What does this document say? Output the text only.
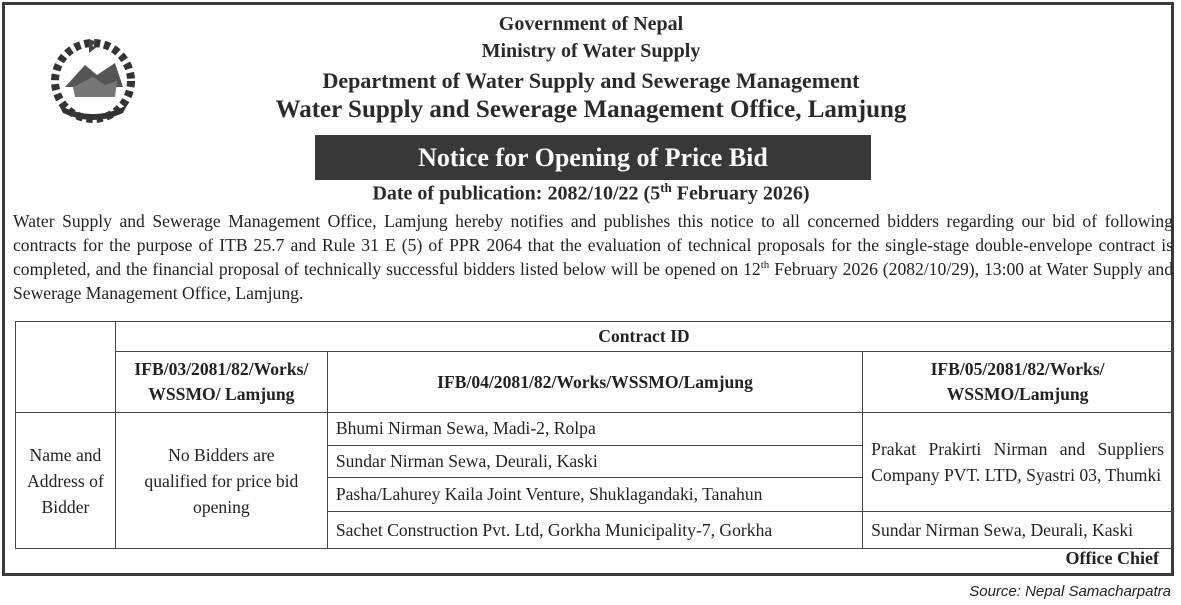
Government of Nepal
Ministry of Water Supply
Department of Water Supply and Sewerage Management
Water Supply and Sewerage Management Office, Lamjung
Notice for Opening of Price Bid
Date of publication: 2082/10/22 (5th February 2026)
Water Supply and Sewerage Management Office, Lamjung hereby notifies and publishes this notice to all concerned bidders regarding our bid of following contracts for the purpose of ITB 25.7 and Rule 31 E (5) of PPR 2064 that the evaluation of technical proposals for the single-stage double-envelope contract is completed, and the financial proposal of technically successful bidders listed below will be opened on 12th February 2026 (2082/10/29), 13:00 at Water Supply and Sewerage Management Office, Lamjung.
	Contract ID		
	IFB/03/2081/82/Works/ WSSMO/ Lamjung	IFB/04/2081/82/Works/WSSMO/Lamjung	IFB/05/2081/82/Works/ WSSMO/Lamjung
Name and Address of Bidder	No Bidders are qualified for price bid opening	Bhumi Nirman Sewa, Madi-2, Rolpa	Prakat Prakirti Nirman and Suppliers Company PVT. LTD, Syastri 03, Thumki
		Sundar Nirman Sewa, Deurali, Kaski	
		Pasha/Lahurey Kaila Joint Venture, Shuklagandaki, Tanahun	
		Sachet Construction Pvt. Ltd, Gorkha Municipality-7, Gorkha	Sundar Nirman Sewa, Deurali, Kaski
Office Chief
Source: Nepal Samacharpatra
